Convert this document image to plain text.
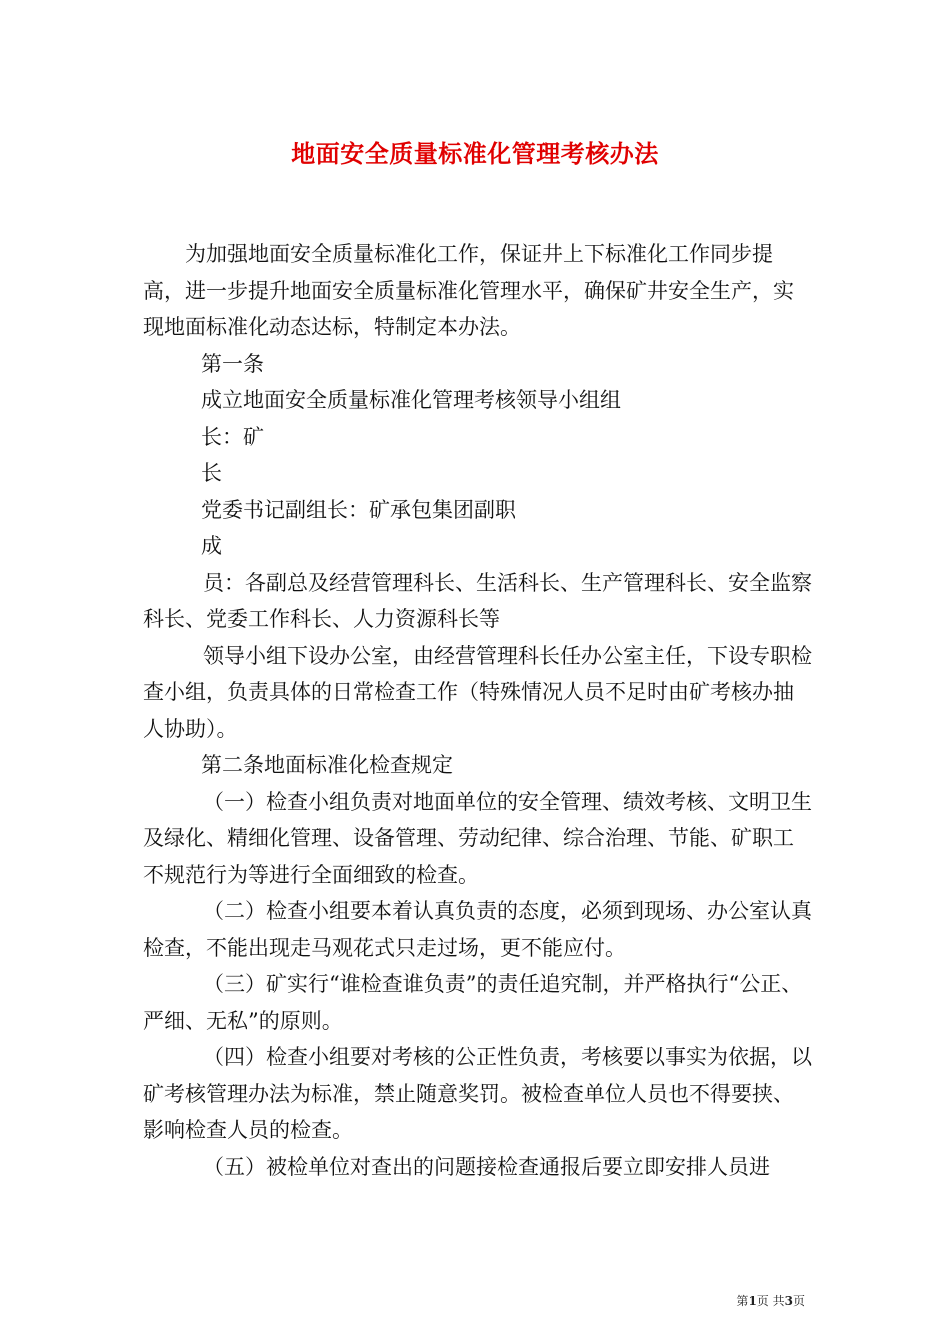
地面安全质量标准化管理考核办法

为加强地面安全质量标准化工作，保证井上下标准化工作同步提高，进一步提升地面安全质量标准化管理水平，确保矿井安全生产，实现地面标准化动态达标，特制定本办法。

第一条

成立地面安全质量标准化管理考核领导小组组

长：矿

长

党委书记副组长：矿承包集团副职

成

员：各副总及经营管理科长、生活科长、生产管理科长、安全监察科长、党委工作科长、人力资源科长等

领导小组下设办公室，由经营管理科长任办公室主任，下设专职检查小组，负责具体的日常检查工作（特殊情况人员不足时由矿考核办抽人协助）。

第二条地面标准化检查规定

（一）检查小组负责对地面单位的安全管理、绩效考核、文明卫生及绿化、精细化管理、设备管理、劳动纪律、综合治理、节能、矿职工不规范行为等进行全面细致的检查。

（二）检查小组要本着认真负责的态度，必须到现场、办公室认真检查，不能出现走马观花式只走过场，更不能应付。

（三）矿实行“谁检查谁负责”的责任追究制，并严格执行“公正、严细、无私”的原则。

（四）检查小组要对考核的公正性负责，考核要以事实为依据，以矿考核管理办法为标准，禁止随意奖罚。被检查单位人员也不得要挟、影响检查人员的检查。

（五）被检单位对查出的问题接检查通报后要立即安排人员进

第1页 共3页
